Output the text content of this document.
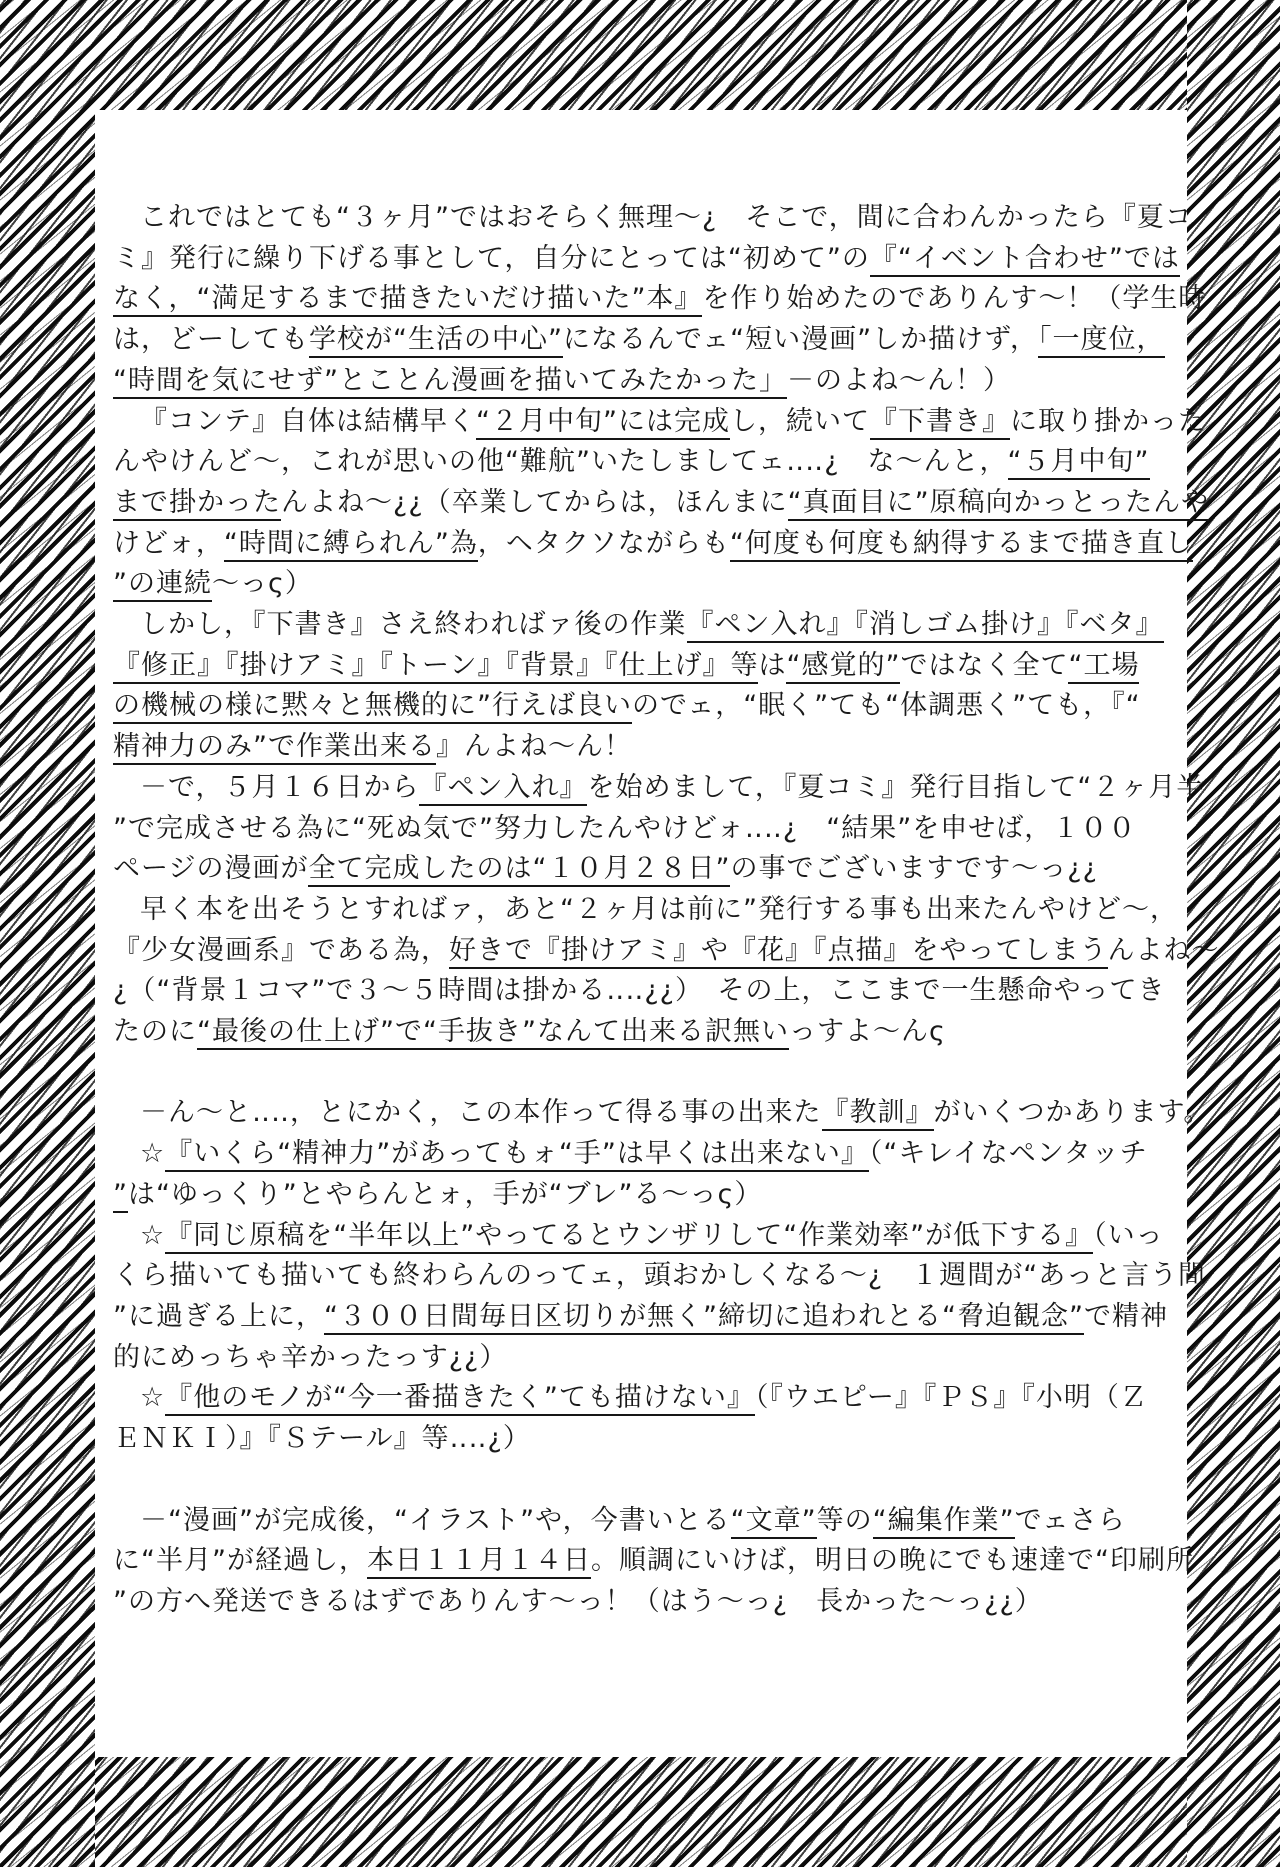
これではとても“３ヶ月”ではおそらく無理～¿　そこで，間に合わんかったら『夏コ
ミ』発行に繰り下げる事として，自分にとっては“初めて”の『“イベント合わせ”では
なく，“満足するまで描きたいだけ描いた”本』を作り始めたのでありんす～！（学生時
は，どーしても学校が“生活の中心”になるんでェ“短い漫画”しか描けず，「一度位，
“時間を気にせず”とことん漫画を描いてみたかった」－のよね～ん！）
『コンテ』自体は結構早く“２月中旬”には完成し，続いて『下書き』に取り掛かった
んやけんど～，これが思いの他“難航”いたしましてェ‥‥¿　な～んと，“５月中旬”
まで掛かったんよね～¿¿（卒業してからは，ほんまに“真面目に”原稿向かっとったんや
けどォ，“時間に縛られん”為，ヘタクソながらも“何度も何度も納得するまで描き直し
”の連続～っς）
しかし，『下書き』さえ終わればァ後の作業『ペン入れ』『消しゴム掛け』『ベタ』
『修正』『掛けアミ』『トーン』『背景』『仕上げ』等は“感覚的”ではなく全て“工場
の機械の様に黙々と無機的に”行えば良いのでェ，“眠く”ても“体調悪く”ても，『“
精神力のみ”で作業出来る』んよね～ん！
－で，５月１６日から『ペン入れ』を始めまして，『夏コミ』発行目指して“２ヶ月半
”で完成させる為に“死ぬ気で”努力したんやけどォ‥‥¿　“結果”を申せば，１００
ページの漫画が全て完成したのは“１０月２８日”の事でございますです～っ¿¿
早く本を出そうとすればァ，あと“２ヶ月は前に”発行する事も出来たんやけど～，
『少女漫画系』である為，好きで『掛けアミ』や『花』『点描』をやってしまうんよね～
¿（“背景１コマ”で３～５時間は掛かる‥‥¿¿）　その上，ここまで一生懸命やってき
たのに“最後の仕上げ”で“手抜き”なんて出来る訳無いっすよ～んς

－ん～と‥‥，とにかく，この本作って得る事の出来た『教訓』がいくつかあります。
☆『いくら“精神力”があってもォ“手”は早くは出来ない』（“キレイなペンタッチ
”は“ゆっくり”とやらんとォ，手が“ブレ”る～っς）
☆『同じ原稿を“半年以上”やってるとウンザリして“作業効率”が低下する』（いっ
くら描いても描いても終わらんのってェ，頭おかしくなる～¿　１週間が“あっと言う間
”に過ぎる上に，“３００日間毎日区切りが無く”締切に追われとる“脅迫観念”で精神
的にめっちゃ辛かったっす¿¿）
☆『他のモノが“今一番描きたく”ても描けない』（『ウエピー』『ＰＳ』『小明（Ｚ
ＥＮＫＩ）』『Ｓテール』等‥‥¿）

－“漫画”が完成後，“イラスト”や，今書いとる“文章”等の“編集作業”でェさら
に“半月”が経過し，本日１１月１４日。順調にいけば，明日の晩にでも速達で“印刷所
”の方へ発送できるはずでありんす～っ！（はう～っ¿　長かった～っ¿¿）
